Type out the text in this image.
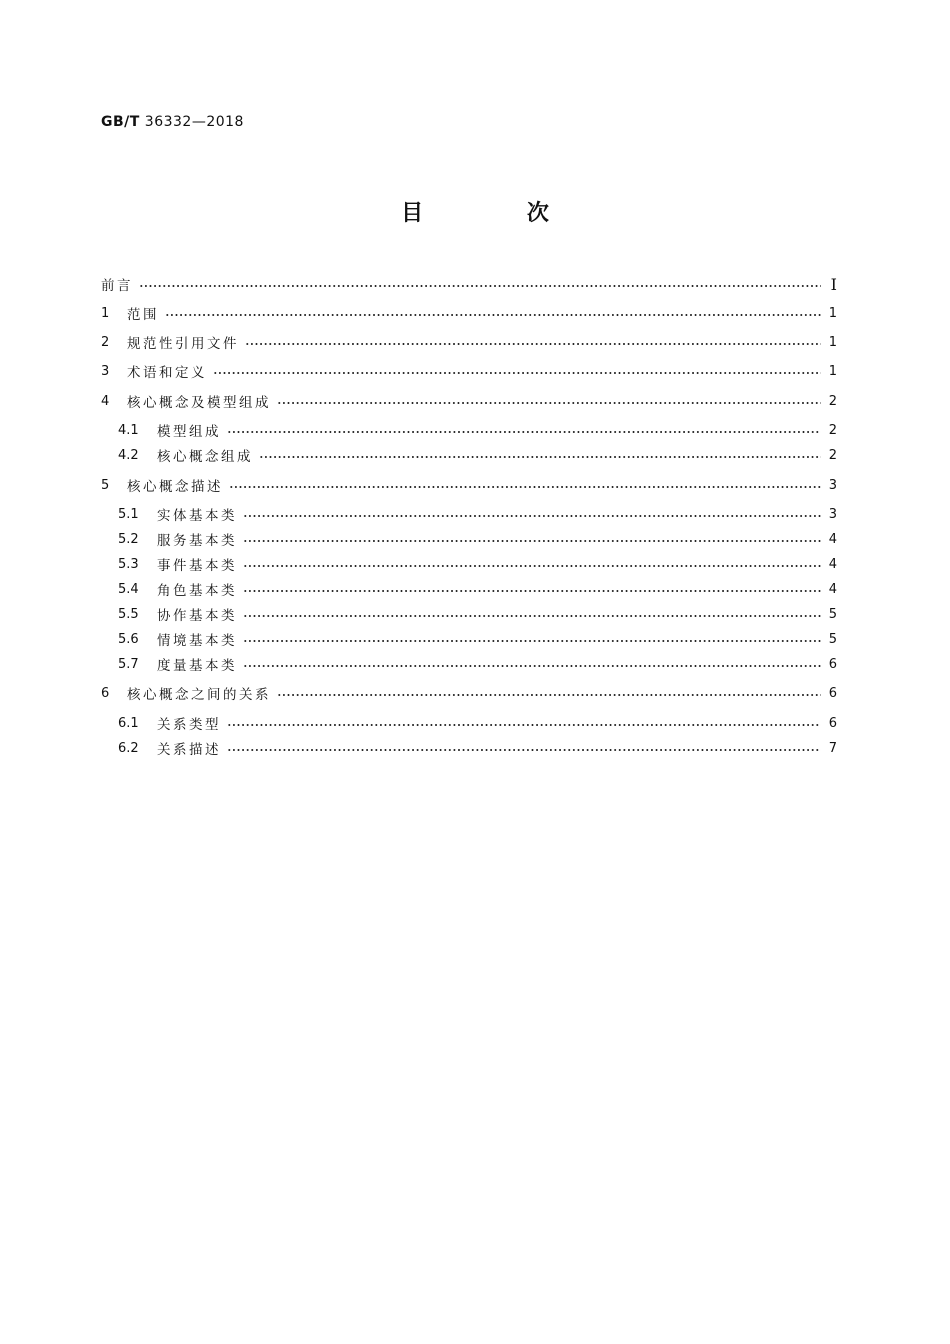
GB/T 36332—2018
目 次
前言	I
1	范围	1
2	规范性引用文件	1
3	术语和定义	1
4	核心概念及模型组成	2
4.1	模型组成	2
4.2	核心概念组成	2
5	核心概念描述	3
5.1	实体基本类	3
5.2	服务基本类	4
5.3	事件基本类	4
5.4	角色基本类	4
5.5	协作基本类	5
5.6	情境基本类	5
5.7	度量基本类	6
6	核心概念之间的关系	6
6.1	关系类型	6
6.2	关系描述	7
